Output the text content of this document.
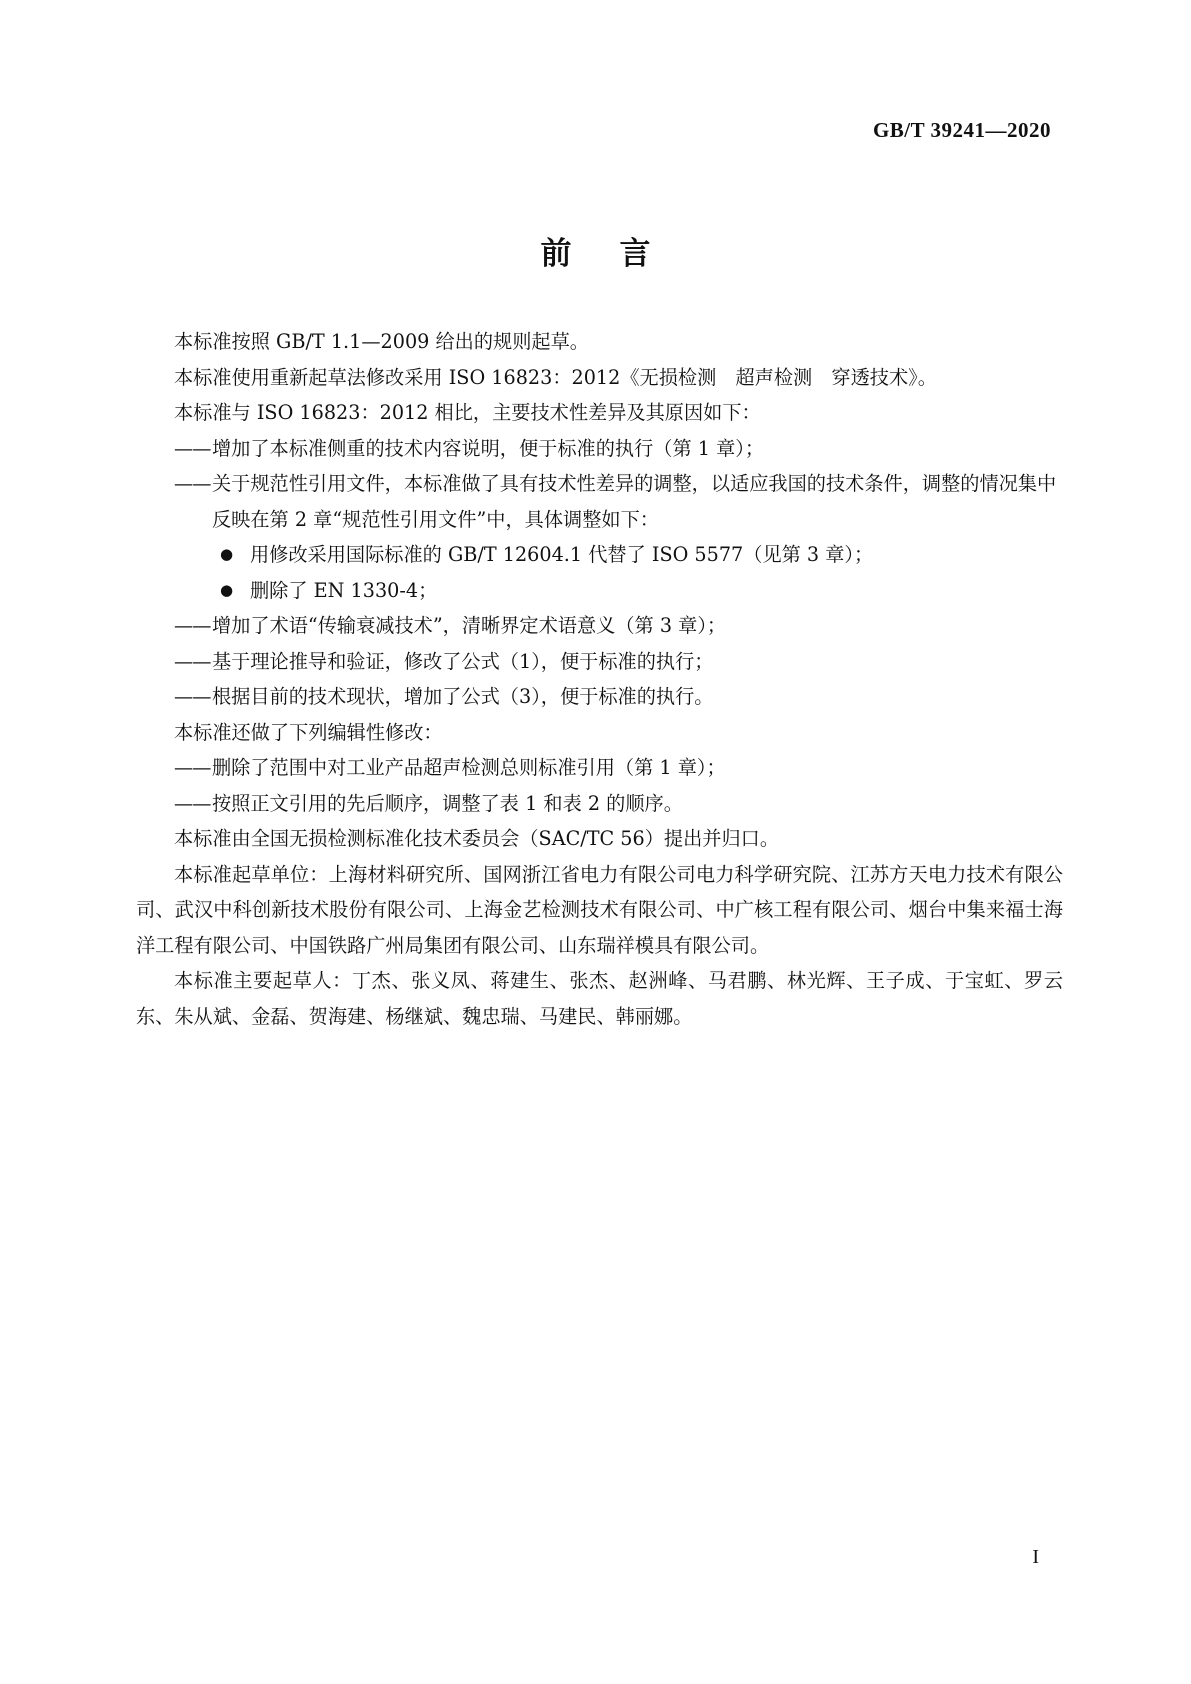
GB/T 39241—2020
前言

本标准按照 GB/T 1.1—2009 给出的规则起草。

本标准使用重新起草法修改采用 ISO 16823：2012《无损检测　超声检测　穿透技术》。

本标准与 ISO 16823：2012 相比，主要技术性差异及其原因如下：

——增加了本标准侧重的技术内容说明，便于标准的执行（第 1 章）；

——关于规范性引用文件，本标准做了具有技术性差异的调整，以适应我国的技术条件，调整的情况集中反映在第 2 章“规范性引用文件”中，具体调整如下：

● 用修改采用国际标准的 GB/T 12604.1 代替了 ISO 5577（见第 3 章）；

● 删除了 EN 1330-4；

——增加了术语“传输衰减技术”，清晰界定术语意义（第 3 章）；

——基于理论推导和验证，修改了公式（1），便于标准的执行；

——根据目前的技术现状，增加了公式（3），便于标准的执行。

本标准还做了下列编辑性修改：

——删除了范围中对工业产品超声检测总则标准引用（第 1 章）；

——按照正文引用的先后顺序，调整了表 1 和表 2 的顺序。

本标准由全国无损检测标准化技术委员会（SAC/TC 56）提出并归口。

本标准起草单位：上海材料研究所、国网浙江省电力有限公司电力科学研究院、江苏方天电力技术有限公司、武汉中科创新技术股份有限公司、上海金艺检测技术有限公司、中广核工程有限公司、烟台中集来福士海洋工程有限公司、中国铁路广州局集团有限公司、山东瑞祥模具有限公司。

本标准主要起草人：丁杰、张义凤、蒋建生、张杰、赵洲峰、马君鹏、林光辉、王子成、于宝虹、罗云东、朱从斌、金磊、贺海建、杨继斌、魏忠瑞、马建民、韩丽娜。

I
